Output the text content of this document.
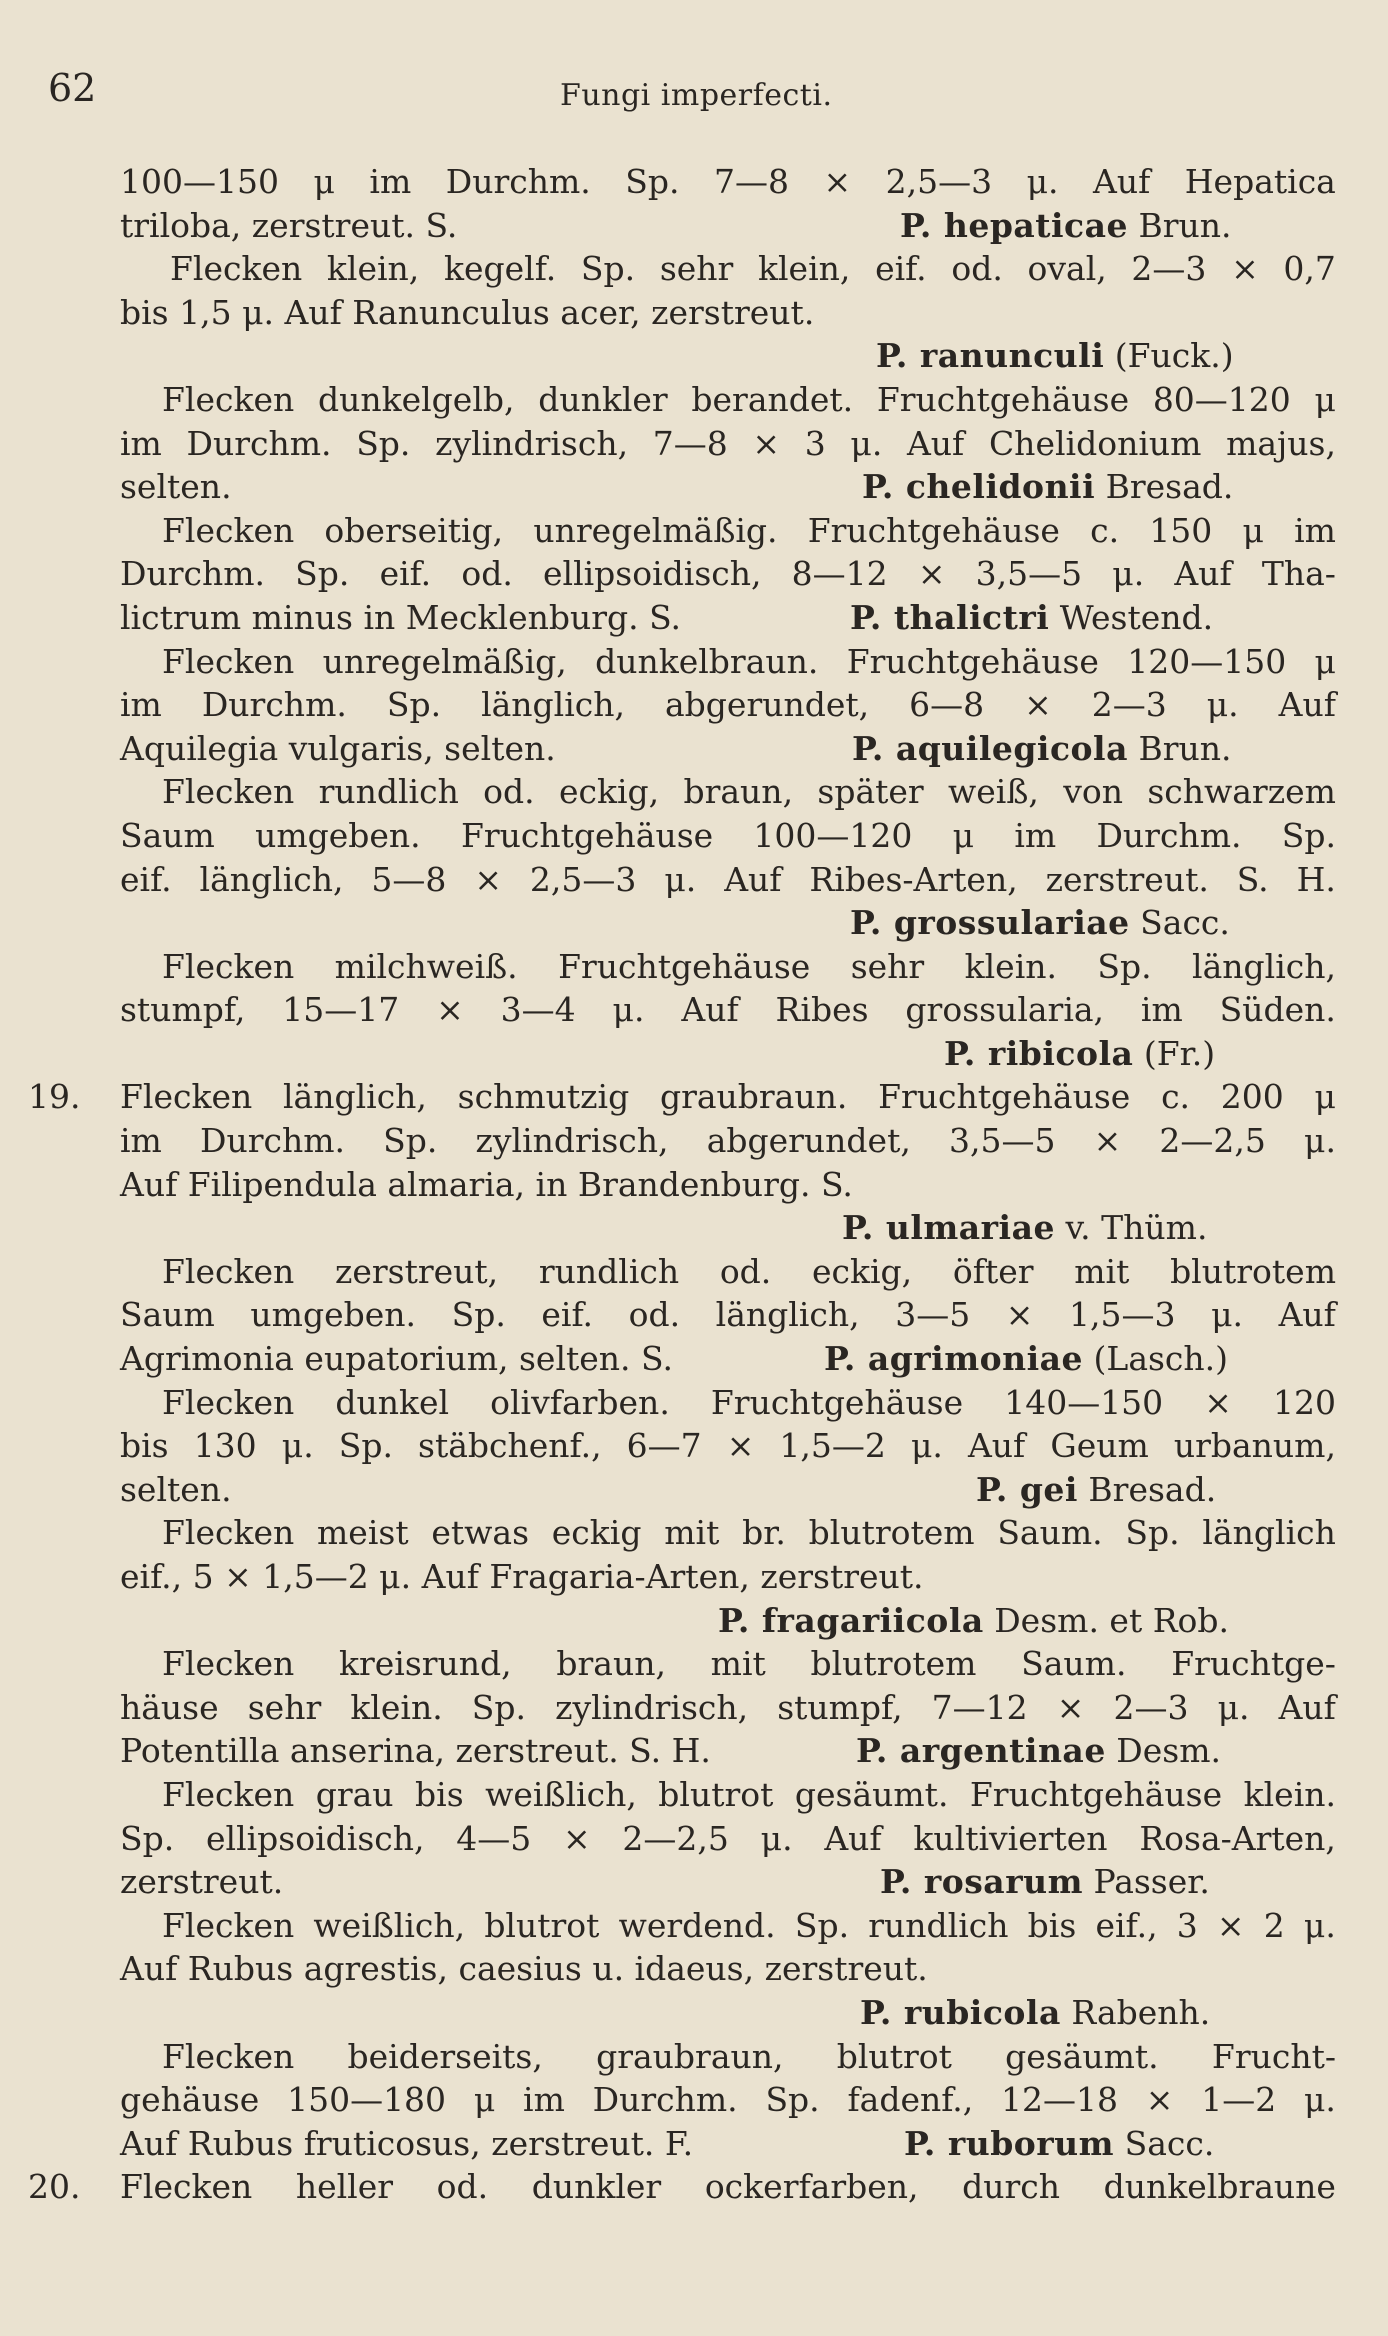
62	Fungi imperfecti.
100—150 μ im Durchm. Sp. 7—8 × 2,5—3 μ. Auf Hepatica
triloba, zerstreut. S.	P. hepaticae Brun.
Flecken klein, kegelf. Sp. sehr klein, eif. od. oval, 2—3 × 0,7
bis 1,5 μ. Auf Ranunculus acer, zerstreut.
P. ranunculi (Fuck.)
Flecken dunkelgelb, dunkler berandet. Fruchtgehäuse 80—120 μ
im Durchm. Sp. zylindrisch, 7—8 × 3 μ. Auf Chelidonium majus,
selten.	P. chelidonii Bresad.
Flecken oberseitig, unregelmäßig. Fruchtgehäuse c. 150 μ im
Durchm. Sp. eif. od. ellipsoidisch, 8—12 × 3,5—5 μ. Auf Tha-
lictrum minus in Mecklenburg. S.	P. thalictri Westend.
Flecken unregelmäßig, dunkelbraun. Fruchtgehäuse 120—150 μ
im Durchm. Sp. länglich, abgerundet, 6—8 × 2—3 μ. Auf
Aquilegia vulgaris, selten.	P. aquilegicola Brun.
Flecken rundlich od. eckig, braun, später weiß, von schwarzem
Saum umgeben. Fruchtgehäuse 100—120 μ im Durchm. Sp.
eif. länglich, 5—8 × 2,5—3 μ. Auf Ribes-Arten, zerstreut. S. H.
P. grossulariae Sacc.
Flecken milchweiß. Fruchtgehäuse sehr klein. Sp. länglich,
stumpf, 15—17 × 3—4 μ. Auf Ribes grossularia, im Süden.
P. ribicola (Fr.)
19. Flecken länglich, schmutzig graubraun. Fruchtgehäuse c. 200 μ
im Durchm. Sp. zylindrisch, abgerundet, 3,5—5 × 2—2,5 μ.
Auf Filipendula almaria, in Brandenburg. S.
P. ulmariae v. Thüm.
Flecken zerstreut, rundlich od. eckig, öfter mit blutrotem
Saum umgeben. Sp. eif. od. länglich, 3—5 × 1,5—3 μ. Auf
Agrimonia eupatorium, selten. S.	P. agrimoniae (Lasch.)
Flecken dunkel olivfarben. Fruchtgehäuse 140—150 × 120
bis 130 μ. Sp. stäbchenf., 6—7 × 1,5—2 μ. Auf Geum urbanum,
selten.	P. gei Bresad.
Flecken meist etwas eckig mit br. blutrotem Saum. Sp. länglich
eif., 5 × 1,5—2 μ. Auf Fragaria-Arten, zerstreut.
P. fragariicola Desm. et Rob.
Flecken kreisrund, braun, mit blutrotem Saum. Fruchtge-
häuse sehr klein. Sp. zylindrisch, stumpf, 7—12 × 2—3 μ. Auf
Potentilla anserina, zerstreut. S. H.	P. argentinae Desm.
Flecken grau bis weißlich, blutrot gesäumt. Fruchtgehäuse klein.
Sp. ellipsoidisch, 4—5 × 2—2,5 μ. Auf kultivierten Rosa-Arten,
zerstreut.	P. rosarum Passer.
Flecken weißlich, blutrot werdend. Sp. rundlich bis eif., 3 × 2 μ.
Auf Rubus agrestis, caesius u. idaeus, zerstreut.
P. rubicola Rabenh.
Flecken beiderseits, graubraun, blutrot gesäumt. Frucht-
gehäuse 150—180 μ im Durchm. Sp. fadenf., 12—18 × 1—2 μ.
Auf Rubus fruticosus, zerstreut. F.	P. ruborum Sacc.
20. Flecken heller od. dunkler ockerfarben, durch dunkelbraune
